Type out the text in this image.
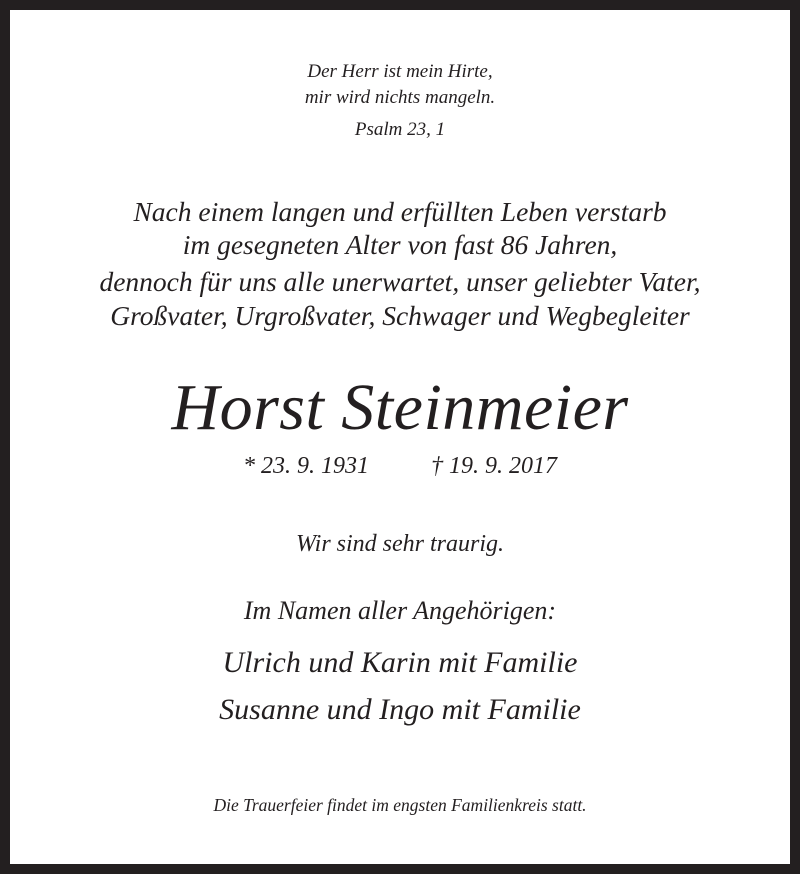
Der Herr ist mein Hirte,
mir wird nichts mangeln.
Psalm 23, 1
Nach einem langen und erfüllten Leben verstarb
im gesegneten Alter von fast 86 Jahren,
dennoch für uns alle unerwartet, unser geliebter Vater,
Großvater, Urgroßvater, Schwager und Wegbegleiter
Horst Steinmeier
* 23. 9. 1931	† 19. 9. 2017
Wir sind sehr traurig.
Im Namen aller Angehörigen:
Ulrich und Karin mit Familie
Susanne und Ingo mit Familie
Die Trauerfeier findet im engsten Familienkreis statt.
